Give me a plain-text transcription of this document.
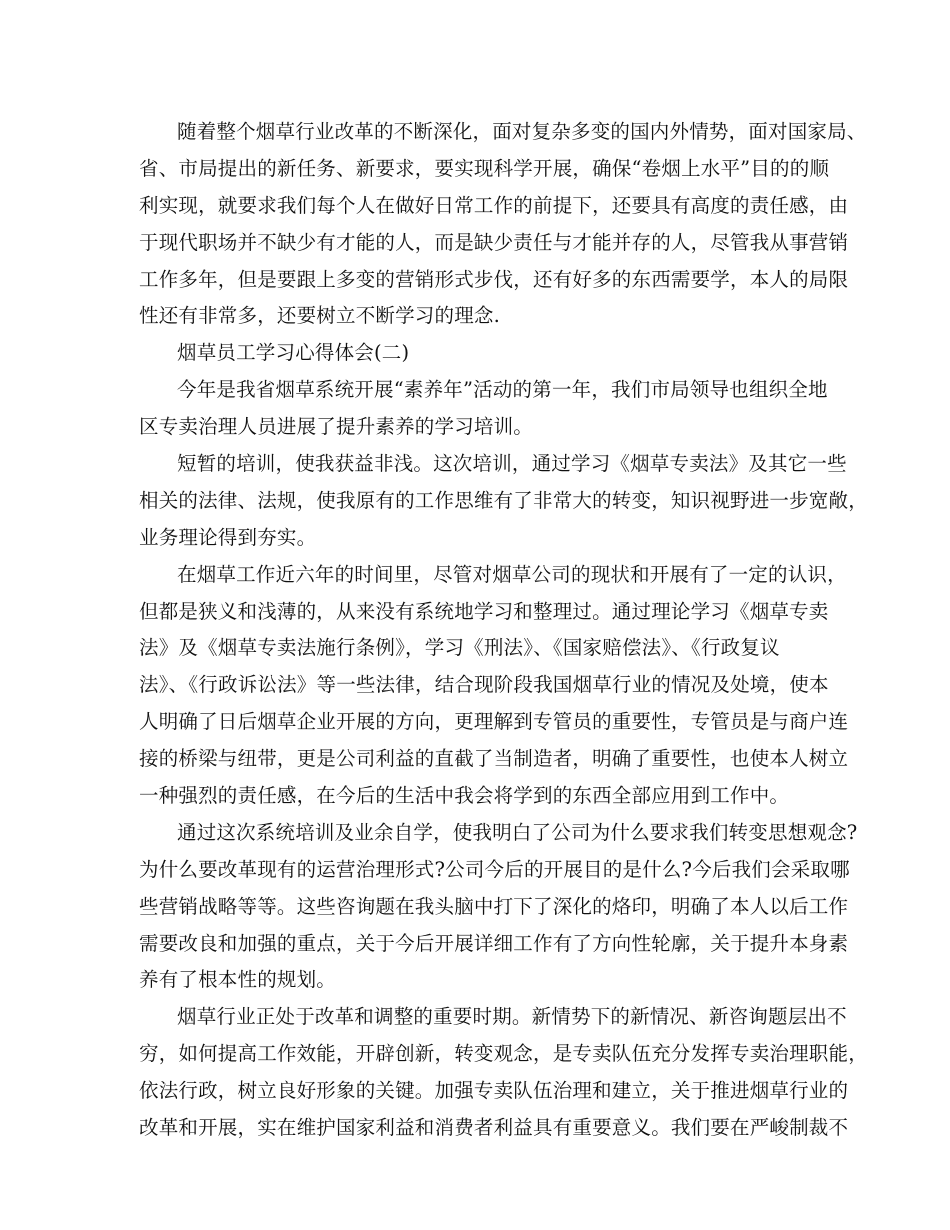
随着整个烟草行业改革的不断深化，面对复杂多变的国内外情势，面对国家局、
省、市局提出的新任务、新要求，要实现科学开展，确保“卷烟上水平”目的的顺
利实现，就要求我们每个人在做好日常工作的前提下，还要具有高度的责任感，由
于现代职场并不缺少有才能的人，而是缺少责任与才能并存的人，尽管我从事营销
工作多年，但是要跟上多变的营销形式步伐，还有好多的东西需要学，本人的局限
性还有非常多，还要树立不断学习的理念.
烟草员工学习心得体会(二)
今年是我省烟草系统开展“素养年”活动的第一年，我们市局领导也组织全地
区专卖治理人员进展了提升素养的学习培训。
短暂的培训，使我获益非浅。这次培训，通过学习《烟草专卖法》及其它一些
相关的法律、法规，使我原有的工作思维有了非常大的转变，知识视野进一步宽敞，
业务理论得到夯实。
在烟草工作近六年的时间里，尽管对烟草公司的现状和开展有了一定的认识，
但都是狭义和浅薄的，从来没有系统地学习和整理过。通过理论学习《烟草专卖
法》及《烟草专卖法施行条例》，学习《刑法》、《国家赔偿法》、《行政复议
法》、《行政诉讼法》等一些法律，结合现阶段我国烟草行业的情况及处境，使本
人明确了日后烟草企业开展的方向，更理解到专管员的重要性，专管员是与商户连
接的桥梁与纽带，更是公司利益的直截了当制造者，明确了重要性，也使本人树立
一种强烈的责任感，在今后的生活中我会将学到的东西全部应用到工作中。
通过这次系统培训及业余自学，使我明白了公司为什么要求我们转变思想观念?
为什么要改革现有的运营治理形式?公司今后的开展目的是什么?今后我们会采取哪
些营销战略等等。这些咨询题在我头脑中打下了深化的烙印，明确了本人以后工作
需要改良和加强的重点，关于今后开展详细工作有了方向性轮廓，关于提升本身素
养有了根本性的规划。
烟草行业正处于改革和调整的重要时期。新情势下的新情况、新咨询题层出不
穷，如何提高工作效能，开辟创新，转变观念，是专卖队伍充分发挥专卖治理职能，
依法行政，树立良好形象的关键。加强专卖队伍治理和建立，关于推进烟草行业的
改革和开展，实在维护国家利益和消费者利益具有重要意义。我们要在严峻制裁不
